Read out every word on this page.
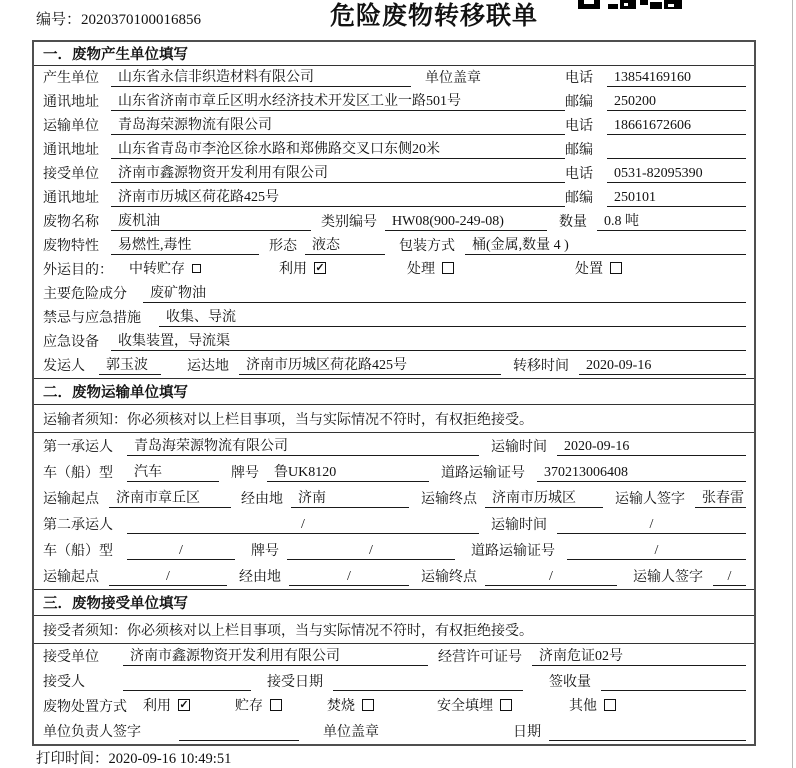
编号：2020370100016856	危险废物转移联单
一．废物产生单位填写
产生单位	山东省永信非织造材料有限公司	单位盖章	电话	13854169160
通讯地址	山东省济南市章丘区明水经济技术开发区工业一路501号	邮编	250200
运输单位	青岛海荣源物流有限公司	电话	18661672606
通讯地址	山东省青岛市李沧区徐水路和郑佛路交叉口东侧20米	邮编
接受单位	济南市鑫源物资开发利用有限公司	电话	0531-82095390
通讯地址	济南市历城区荷花路425号	邮编	250101
废物名称	废机油	类别编号	HW08(900-249-08)	数量	0.8 吨
废物特性	易燃性,毒性	形态	液态	包装方式	桶(金属,数量 4 )
外运目的：	中转贮存	利用 ✓	处理	处置
主要危险成分	废矿物油
禁忌与应急措施	收集、导流
应急设备	收集装置，导流渠
发运人	郭玉波	运达地	济南市历城区荷花路425号	转移时间	2020-09-16
二．废物运输单位填写
运输者须知：你必须核对以上栏目事项，当与实际情况不符时，有权拒绝接受。
第一承运人	青岛海荣源物流有限公司	运输时间	2020-09-16
车（船）型	汽车	牌号	鲁UK8120	道路运输证号	370213006408
运输起点	济南市章丘区	经由地	济南	运输终点	济南市历城区	运输人签字	张春雷
第二承运人	/	运输时间	/
车（船）型	/	牌号	/	道路运输证号	/
运输起点	/	经由地	/	运输终点	/	运输人签字	/
三．废物接受单位填写
接受者须知：你必须核对以上栏目事项，当与实际情况不符时，有权拒绝接受。
接受单位	济南市鑫源物资开发利用有限公司	经营许可证号	济南危证02号
接受人	接受日期	签收量
废物处置方式	利用 ✓	贮存	焚烧	安全填埋	其他
单位负责人签字	单位盖章	日期
打印时间：2020-09-16 10:49:51
